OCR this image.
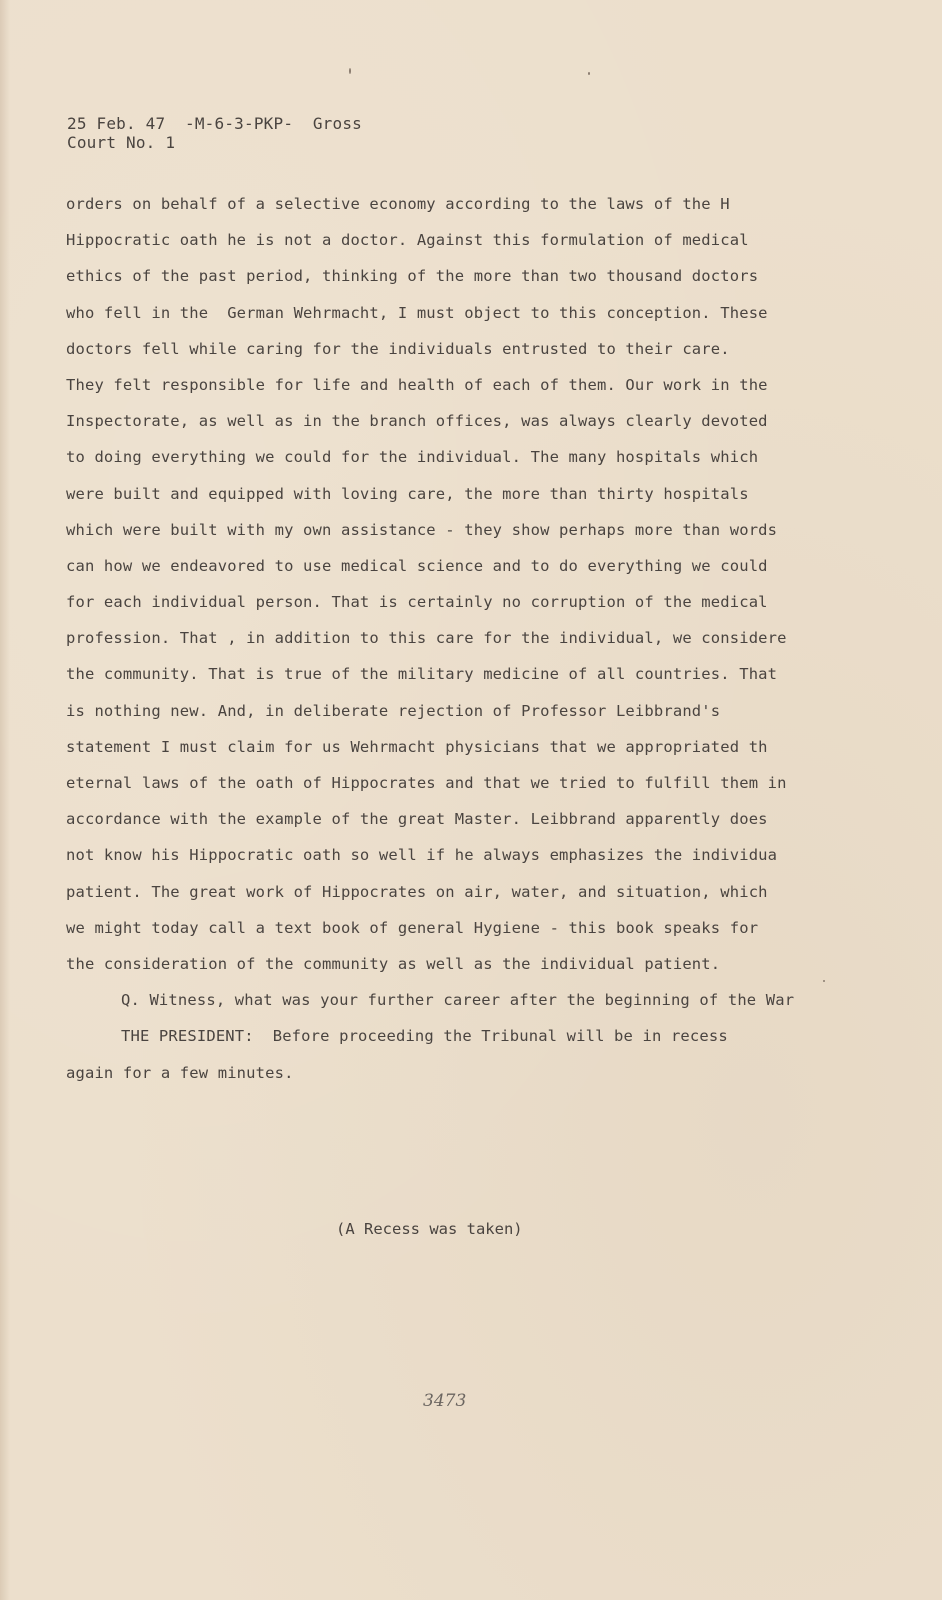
25 Feb. 47  -M-6-3-PKP-  Gross
Court No. 1
orders on behalf of a selective economy according to the laws of the H
Hippocratic oath he is not a doctor. Against this formulation of medical
ethics of the past period, thinking of the more than two thousand doctors
who fell in the  German Wehrmacht, I must object to this conception. These
doctors fell while caring for the individuals entrusted to their care.
They felt responsible for life and health of each of them. Our work in the
Inspectorate, as well as in the branch offices, was always clearly devoted
to doing everything we could for the individual. The many hospitals which
were built and equipped with loving care, the more than thirty hospitals
which were built with my own assistance - they show perhaps more than words
can how we endeavored to use medical science and to do everything we could
for each individual person. That is certainly no corruption of the medical
profession. That , in addition to this care for the individual, we considere
the community. That is true of the military medicine of all countries. That
is nothing new. And, in deliberate rejection of Professor Leibbrand's
statement I must claim for us Wehrmacht physicians that we appropriated th
eternal laws of the oath of Hippocrates and that we tried to fulfill them in
accordance with the example of the great Master. Leibbrand apparently does
not know his Hippocratic oath so well if he always emphasizes the individua
patient. The great work of Hippocrates on air, water, and situation, which
we might today call a text book of general Hygiene - this book speaks for
the consideration of the community as well as the individual patient.
Q. Witness, what was your further career after the beginning of the War
THE PRESIDENT:  Before proceeding the Tribunal will be in recess
again for a few minutes.
(A Recess was taken)
3473
